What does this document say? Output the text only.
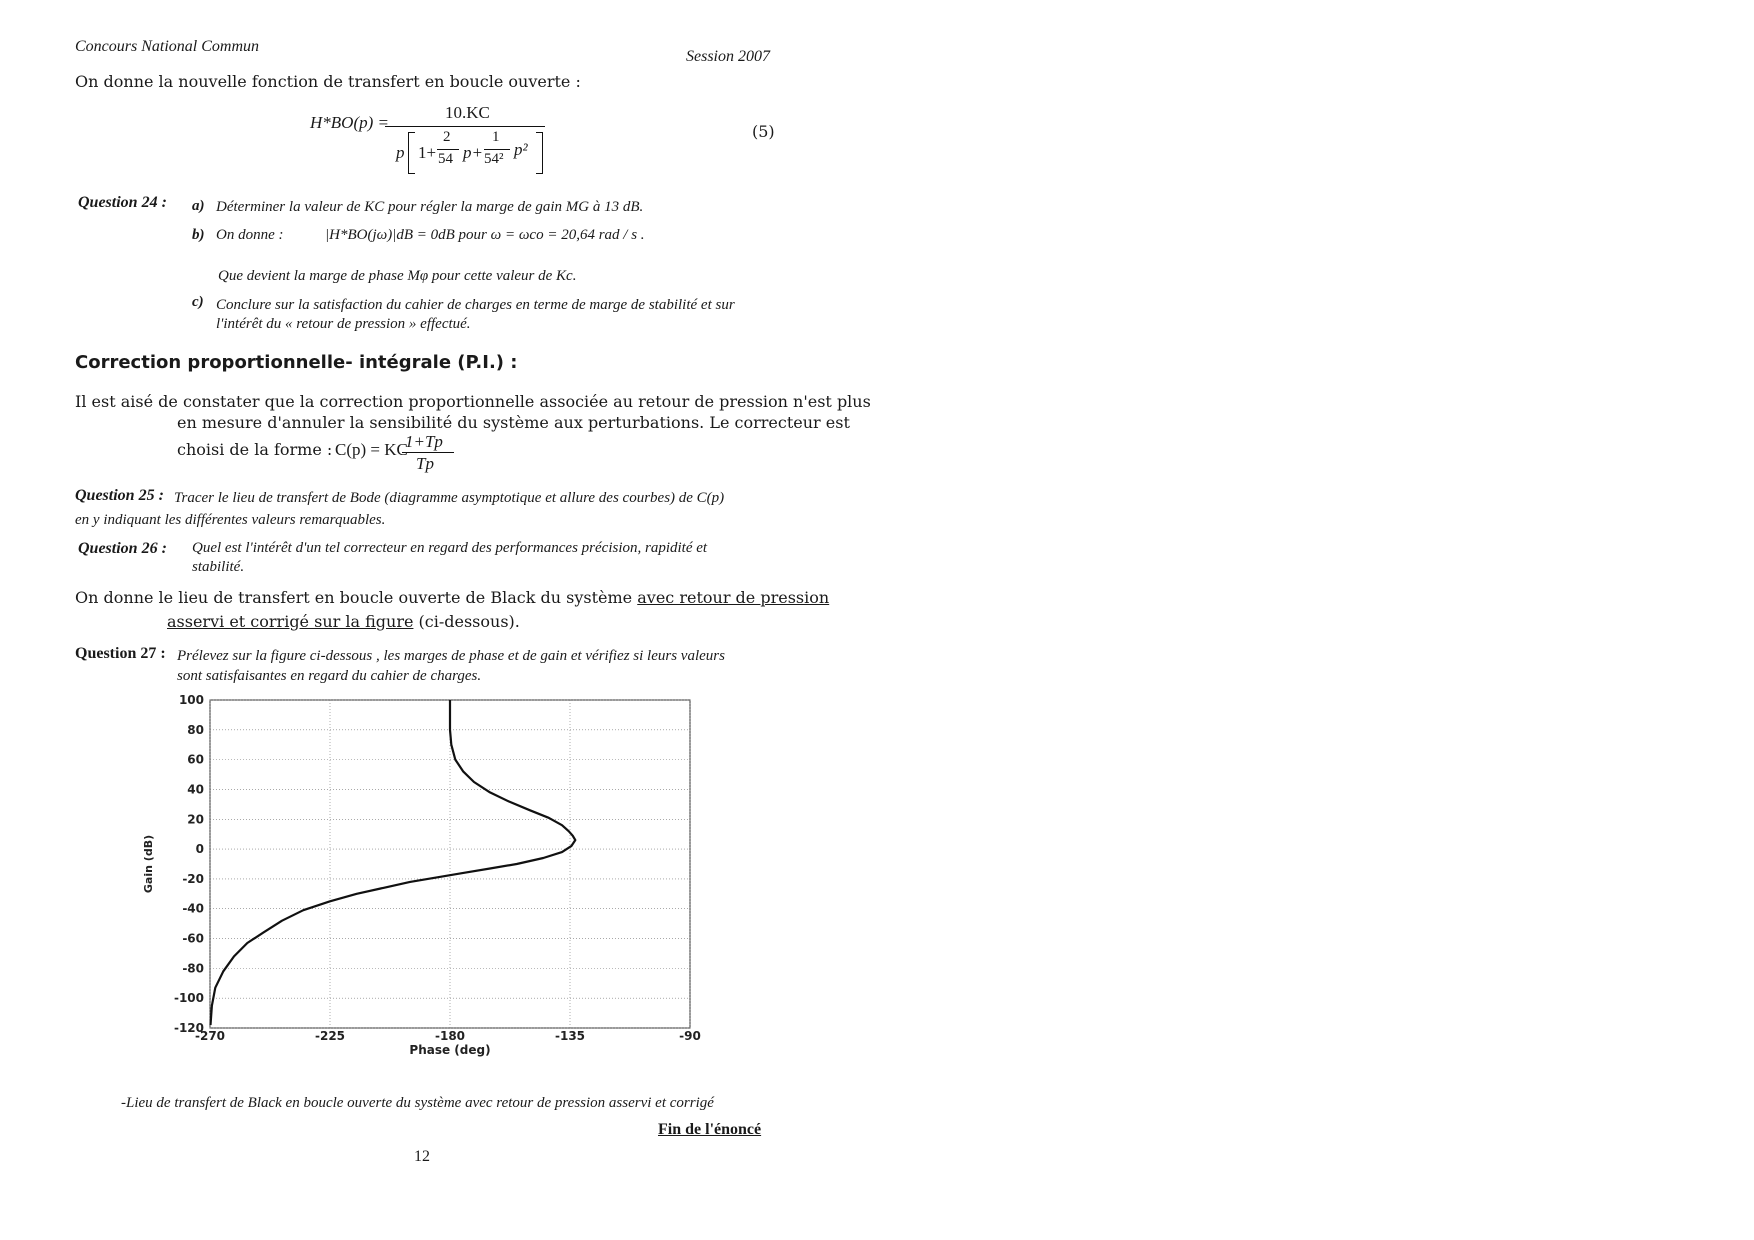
Concours National Commun
Session 2007
On donne la nouvelle fonction de transfert en boucle ouverte :
H*BO(p) =
10.KC
p 1+
2
54 p+
1
54² p²
(5)
Question 24 : a) Déterminer la valeur de KC pour régler la marge de gain MG à 13 dB.
b) On donne :	|H*BO(jω)|dB = 0dB pour ω = ωco = 20,64 rad / s .
Que devient la marge de phase Mφ pour cette valeur de Kc.
c) Conclure sur la satisfaction du cahier de charges en terme de marge de stabilité et sur
l'intérêt du « retour de pression » effectué.
Correction proportionnelle- intégrale (P.I.) :
Il est aisé de constater que la correction proportionnelle associée au retour de pression n'est plus
en mesure d'annuler la sensibilité du système aux perturbations. Le correcteur est
choisi de la forme : C(p) = KC
1+Tp
Tp
Question 25 : Tracer le lieu de transfert de Bode (diagramme asymptotique et allure des courbes) de C(p)
en y indiquant les différentes valeurs remarquables.
Question 26 : Quel est l'intérêt d'un tel correcteur en regard des performances précision, rapidité et
stabilité.
On donne le lieu de transfert en boucle ouverte de Black du système avec retour de pression
asservi et corrigé sur la figure (ci-dessous).
Question 27 : Prélevez sur la figure ci-dessous , les marges de phase et de gain et vérifiez si leurs valeurs
sont satisfaisantes en regard du cahier de charges.
100
80
60
40
20
0
-20
-40
-60
-80
-100
-120
-270	-225	-180	-135	-90
Phase (deg)
Gain (dB)
-Lieu de transfert de Black en boucle ouverte du système avec retour de pression asservi et corrigé
Fin de l'énoncé
12
